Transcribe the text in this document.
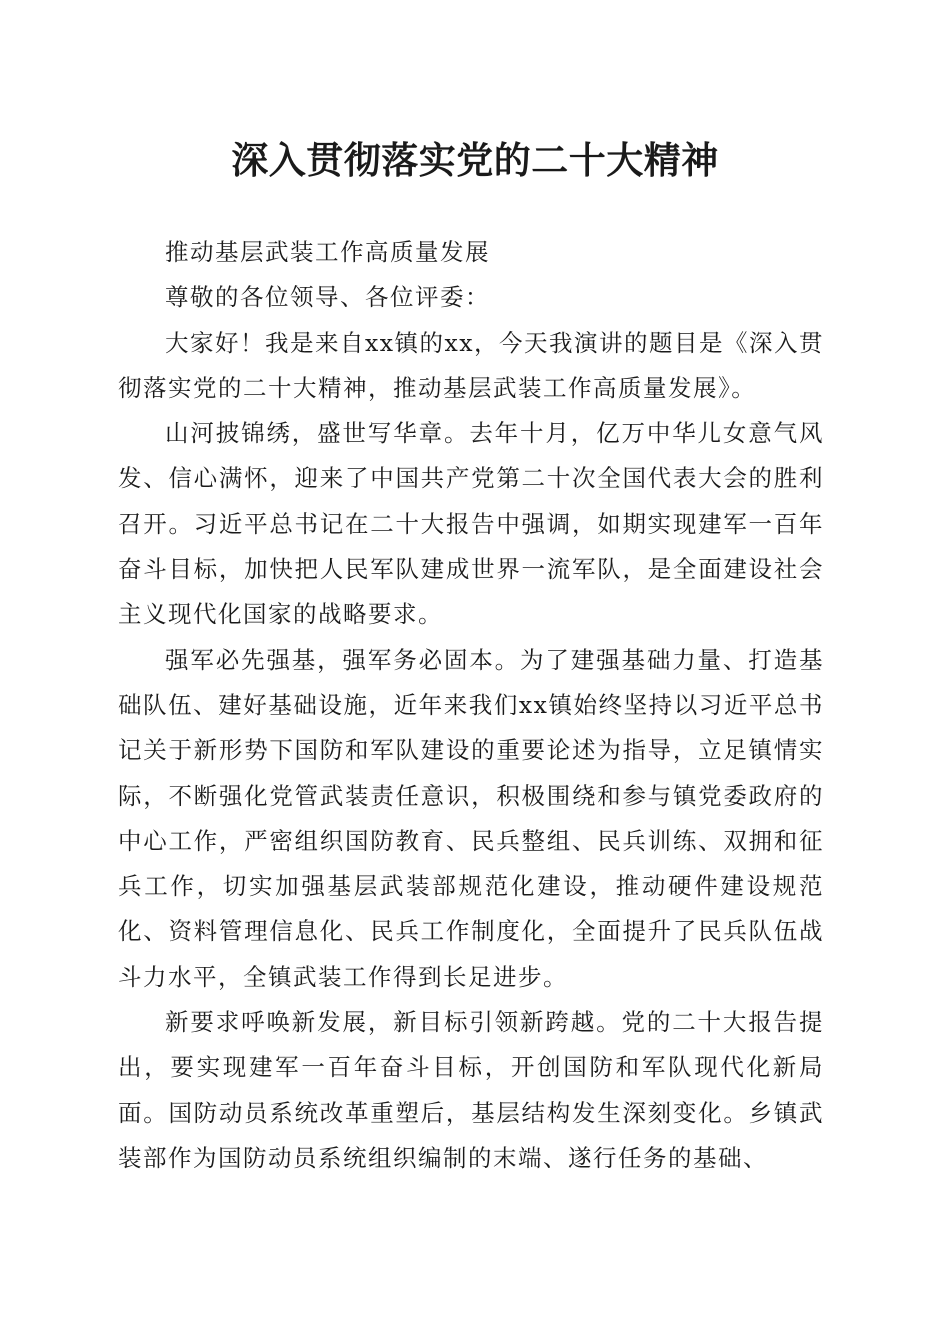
深入贯彻落实党的二十大精神

推动基层武装工作高质量发展

尊敬的各位领导、各位评委：

大家好！我是来自xx镇的xx，今天我演讲的题目是《深入贯彻落实党的二十大精神，推动基层武装工作高质量发展》。

山河披锦绣，盛世写华章。去年十月，亿万中华儿女意气风发、信心满怀，迎来了中国共产党第二十次全国代表大会的胜利召开。习近平总书记在二十大报告中强调，如期实现建军一百年奋斗目标，加快把人民军队建成世界一流军队，是全面建设社会主义现代化国家的战略要求。

强军必先强基，强军务必固本。为了建强基础力量、打造基础队伍、建好基础设施，近年来我们xx镇始终坚持以习近平总书记关于新形势下国防和军队建设的重要论述为指导，立足镇情实际，不断强化党管武装责任意识，积极围绕和参与镇党委政府的中心工作，严密组织国防教育、民兵整组、民兵训练、双拥和征兵工作，切实加强基层武装部规范化建设，推动硬件建设规范化、资料管理信息化、民兵工作制度化，全面提升了民兵队伍战斗力水平，全镇武装工作得到长足进步。

新要求呼唤新发展，新目标引领新跨越。党的二十大报告提出，要实现建军一百年奋斗目标，开创国防和军队现代化新局面。国防动员系统改革重塑后，基层结构发生深刻变化。乡镇武装部作为国防动员系统组织编制的末端、遂行任务的基础、
